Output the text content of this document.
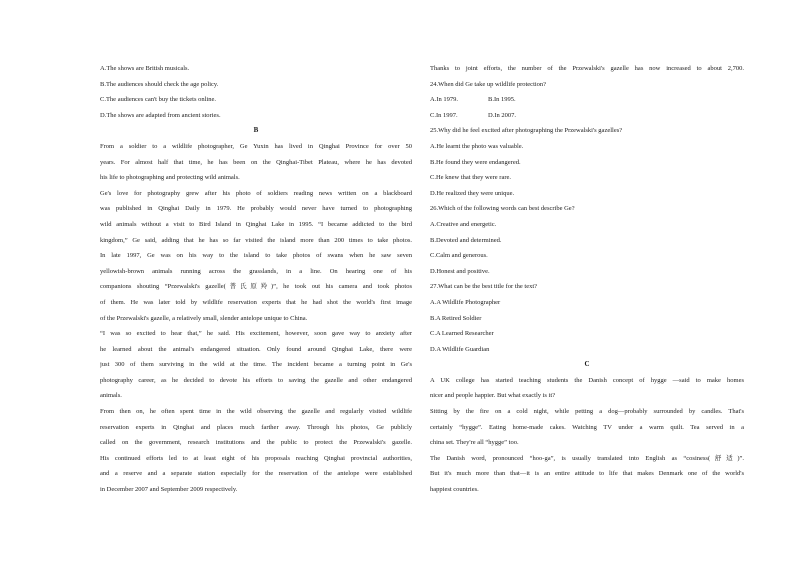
A.The shows are British musicals.
B.The audiences should check the age policy.
C.The audiences can't buy the tickets online.
D.The shows are adapted from ancient stories.
B
From a soldier to a wildlife photographer, Ge Yuxin has lived in Qinghai Province for over 50
years. For almost half that time, he has been on the Qinghai-Tibet Plateau, where he has devoted
his life to photographing and protecting wild animals.
Ge's love for photography grew after his photo of soldiers reading news written on a blackboard
was published in Qinghai Daily in 1979. He probably would never have turned to photographing
wild animals without a visit to Bird Island in Qinghai Lake in 1995. “I became addicted to the bird
kingdom,” Ge said, adding that he has so far visited the island more than 200 times to take photos.
In late 1997, Ge was on his way to the island to take photos of swans when he saw seven
yellowish-brown animals running across the grasslands, in a line. On hearing one of his
companions shouting “Przewalski's gazelle(普氏原羚)”, he took out his camera and took photos
of them. He was later told by wildlife reservation experts that he had shot the world's first image
of the Przewalski's gazelle, a relatively small, slender antelope unique to China.
“I was so excited to hear that,” he said. His excitement, however, soon gave way to anxiety after
he learned about the animal's endangered situation. Only found around Qinghai Lake, there were
just 300 of them surviving in the wild at the time. The incident became a turning point in Ge's
photography career, as he decided to devote his efforts to saving the gazelle and other endangered
animals.
From then on, he often spent time in the wild observing the gazelle and regularly visited wildlife
reservation experts in Qinghai and places much farther away. Through his photos, Ge publicly
called on the government, research institutions and the public to protect the Przewalski's gazelle.
His continued efforts led to at least eight of his proposals reaching Qinghai provincial authorities,
and a reserve and a separate station especially for the reservation of the antelope were established
in December 2007 and September 2009 respectively.
Thanks to joint efforts, the number of the Przewalski's gazelle has now increased to about 2,700.
24.When did Ge take up wildlife protection?
A.In 1979.	B.In 1995.
C.In 1997.	D.In 2007.
25.Why did he feel excited after photographing the Przewalski's gazelles?
A.He learnt the photo was valuable.
B.He found they were endangered.
C.He knew that they were rare.
D.He realized they were unique.
26.Which of the following words can best describe Ge?
A.Creative and energetic.
B.Devoted and determined.
C.Calm and generous.
D.Honest and positive.
27.What can be the best title for the text?
A.A Wildlife Photographer
B.A Retired Soldier
C.A Learned Researcher
D.A Wildlife Guardian
C
A UK college has started teaching students the Danish concept of hygge —said to make homes
nicer and people happier. But what exactly is it?
Sitting by the fire on a cold night, while petting a dog—probably surrounded by candles. That's
certainly “hygge”. Eating home-made cakes. Watching TV under a warm quilt. Tea served in a
china set. They're all “hygge” too.
The Danish word, pronounced “hoo-ga”, is usually translated into English as “cosiness(舒适)”.
But it's much more than that—it is an entire attitude to life that makes Denmark one of the world's
happiest countries.
